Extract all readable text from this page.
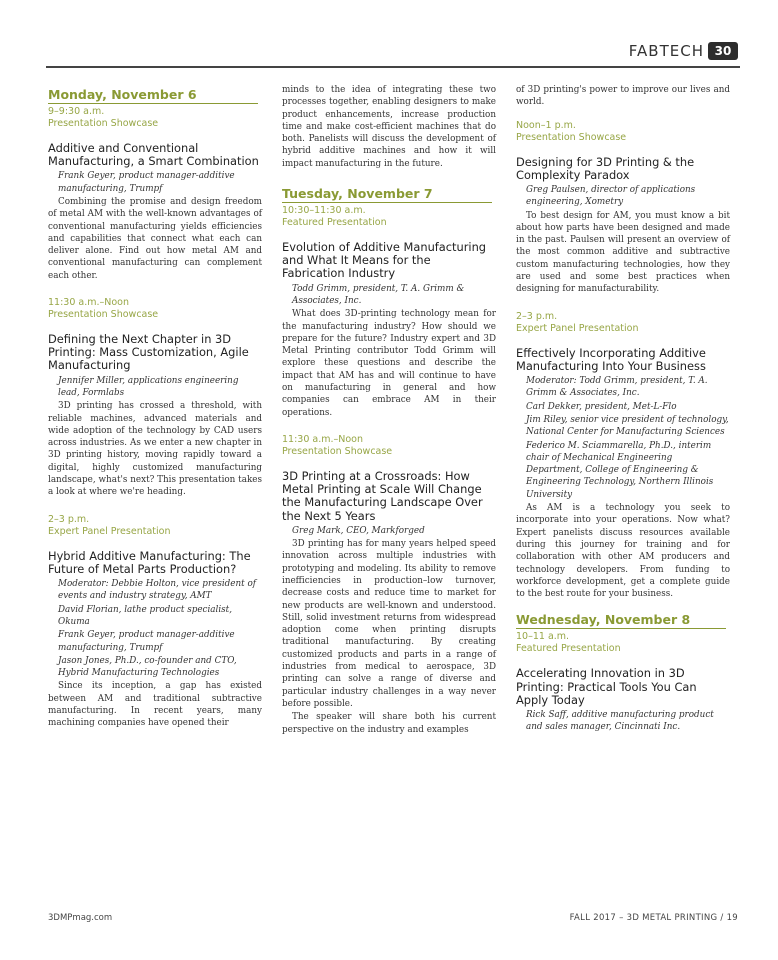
FABTECH 30
Monday, November 6
9–9:30 a.m.
Presentation Showcase
Additive and Conventional Manufacturing, a Smart Combination
Frank Geyer, product manager-additive manufacturing, Trumpf
Combining the promise and design freedom of metal AM with the well-known advantages of conventional manufacturing yields efficiencies and capabilities that connect what each can deliver alone. Find out how metal AM and conventional manufacturing can complement each other.
11:30 a.m.–Noon
Presentation Showcase
Defining the Next Chapter in 3D Printing: Mass Customization, Agile Manufacturing
Jennifer Miller, applications engineering lead, Formlabs
3D printing has crossed a threshold, with reliable machines, advanced materials and wide adoption of the technology by CAD users across industries. As we enter a new chapter in 3D printing history, moving rapidly toward a digital, highly customized manufacturing landscape, what's next? This presentation takes a look at where we're heading.
2–3 p.m.
Expert Panel Presentation
Hybrid Additive Manufacturing: The Future of Metal Parts Production?
Moderator: Debbie Holton, vice president of events and industry strategy, AMT
David Florian, lathe product specialist, Okuma
Frank Geyer, product manager-additive manufacturing, Trumpf
Jason Jones, Ph.D., co-founder and CTO, Hybrid Manufacturing Technologies
Since its inception, a gap has existed between AM and traditional subtractive manufacturing. In recent years, many machining companies have opened their
minds to the idea of integrating these two processes together, enabling designers to make product enhancements, increase production time and make cost-efficient machines that do both. Panelists will discuss the development of hybrid additive machines and how it will impact manufacturing in the future.
Tuesday, November 7
10:30–11:30 a.m.
Featured Presentation
Evolution of Additive Manufacturing and What It Means for the Fabrication Industry
Todd Grimm, president, T. A. Grimm & Associates, Inc.
What does 3D-printing technology mean for the manufacturing industry? How should we prepare for the future? Industry expert and 3D Metal Printing contributor Todd Grimm will explore these questions and describe the impact that AM has and will continue to have on manufacturing in general and how companies can embrace AM in their operations.
11:30 a.m.–Noon
Presentation Showcase
3D Printing at a Crossroads: How Metal Printing at Scale Will Change the Manufacturing Landscape Over the Next 5 Years
Greg Mark, CEO, Markforged
3D printing has for many years helped speed innovation across multiple industries with prototyping and modeling. Its ability to remove inefficiencies in production–low turnover, decrease costs and reduce time to market for new products are well-known and understood. Still, solid investment returns from widespread adoption come when printing disrupts traditional manufacturing. By creating customized products and parts in a range of industries from medical to aerospace, 3D printing can solve a range of diverse and particular industry challenges in a way never before possible.
The speaker will share both his current perspective on the industry and examples
of 3D printing's power to improve our lives and world.
Noon–1 p.m.
Presentation Showcase
Designing for 3D Printing & the Complexity Paradox
Greg Paulsen, director of applications engineering, Xometry
To best design for AM, you must know a bit about how parts have been designed and made in the past. Paulsen will present an overview of the most common additive and subtractive custom manufacturing technologies, how they are used and some best practices when designing for manufacturability.
2–3 p.m.
Expert Panel Presentation
Effectively Incorporating Additive Manufacturing Into Your Business
Moderator: Todd Grimm, president, T. A. Grimm & Associates, Inc.
Carl Dekker, president, Met-L-Flo
Jim Riley, senior vice president of technology, National Center for Manufacturing Sciences
Federico M. Sciammarella, Ph.D., interim chair of Mechanical Engineering Department, College of Engineering & Engineering Technology, Northern Illinois University
As AM is a technology you seek to incorporate into your operations. Now what? Expert panelists discuss resources available during this journey for training and for collaboration with other AM producers and technology developers. From funding to workforce development, get a complete guide to the best route for your business.
Wednesday, November 8
10–11 a.m.
Featured Presentation
Accelerating Innovation in 3D Printing: Practical Tools You Can Apply Today
Rick Saff, additive manufacturing product and sales manager, Cincinnati Inc.
3DMPmag.com	FALL 2017 – 3D METAL PRINTING / 19
